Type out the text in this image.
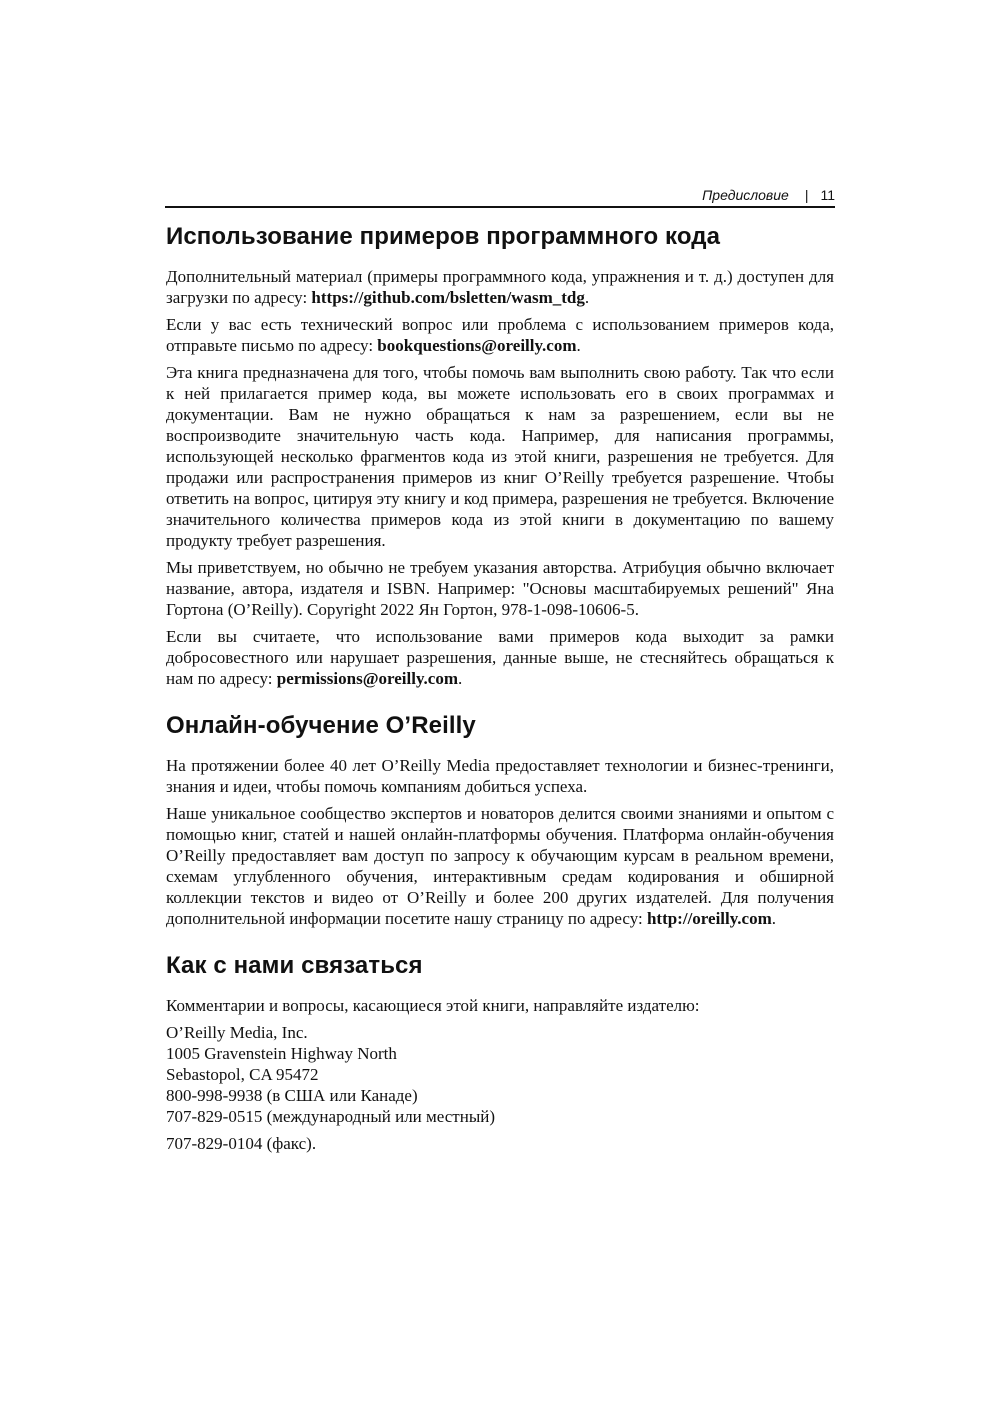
Предисловие | 11
Использование примеров программного кода

Дополнительный материал (примеры программного кода, упражнения и т. д.) доступен для загрузки по адресу: https://github.com/bsletten/wasm_tdg.

Если у вас есть технический вопрос или проблема с использованием примеров кода, отправьте письмо по адресу: bookquestions@oreilly.com.

Эта книга предназначена для того, чтобы помочь вам выполнить свою работу. Так что если к ней прилагается пример кода, вы можете использовать его в своих программах и документации. Вам не нужно обращаться к нам за разрешением, если вы не воспроизводите значительную часть кода. Например, для написания программы, использующей несколько фрагментов кода из этой книги, разрешения не требуется. Для продажи или распространения примеров из книг O’Reilly требуется разрешение. Чтобы ответить на вопрос, цитируя эту книгу и код примера, разрешения не требуется. Включение значительного количества примеров кода из этой книги в документацию по вашему продукту требует разрешения.

Мы приветствуем, но обычно не требуем указания авторства. Атрибуция обычно включает название, автора, издателя и ISBN. Например: "Основы масштабируемых решений" Яна Гортона (O’Reilly). Copyright 2022 Ян Гортон, 978-1-098-10606-5.

Если вы считаете, что использование вами примеров кода выходит за рамки добросовестного или нарушает разрешения, данные выше, не стесняйтесь обращаться к нам по адресу: permissions@oreilly.com.

Онлайн-обучение O’Reilly

На протяжении более 40 лет O’Reilly Media предоставляет технологии и бизнес-тренинги, знания и идеи, чтобы помочь компаниям добиться успеха.

Наше уникальное сообщество экспертов и новаторов делится своими знаниями и опытом с помощью книг, статей и нашей онлайн-платформы обучения. Платформа онлайн-обучения O’Reilly предоставляет вам доступ по запросу к обучающим курсам в реальном времени, схемам углубленного обучения, интерактивным средам кодирования и обширной коллекции текстов и видео от O’Reilly и более 200 других издателей. Для получения дополнительной информации посетите нашу страницу по адресу: http://oreilly.com.

Как с нами связаться

Комментарии и вопросы, касающиеся этой книги, направляйте издателю:

O’Reilly Media, Inc.
1005 Gravenstein Highway North
Sebastopol, CA 95472
800-998-9938 (в США или Канаде)
707-829-0515 (международный или местный)
707-829-0104 (факс).
